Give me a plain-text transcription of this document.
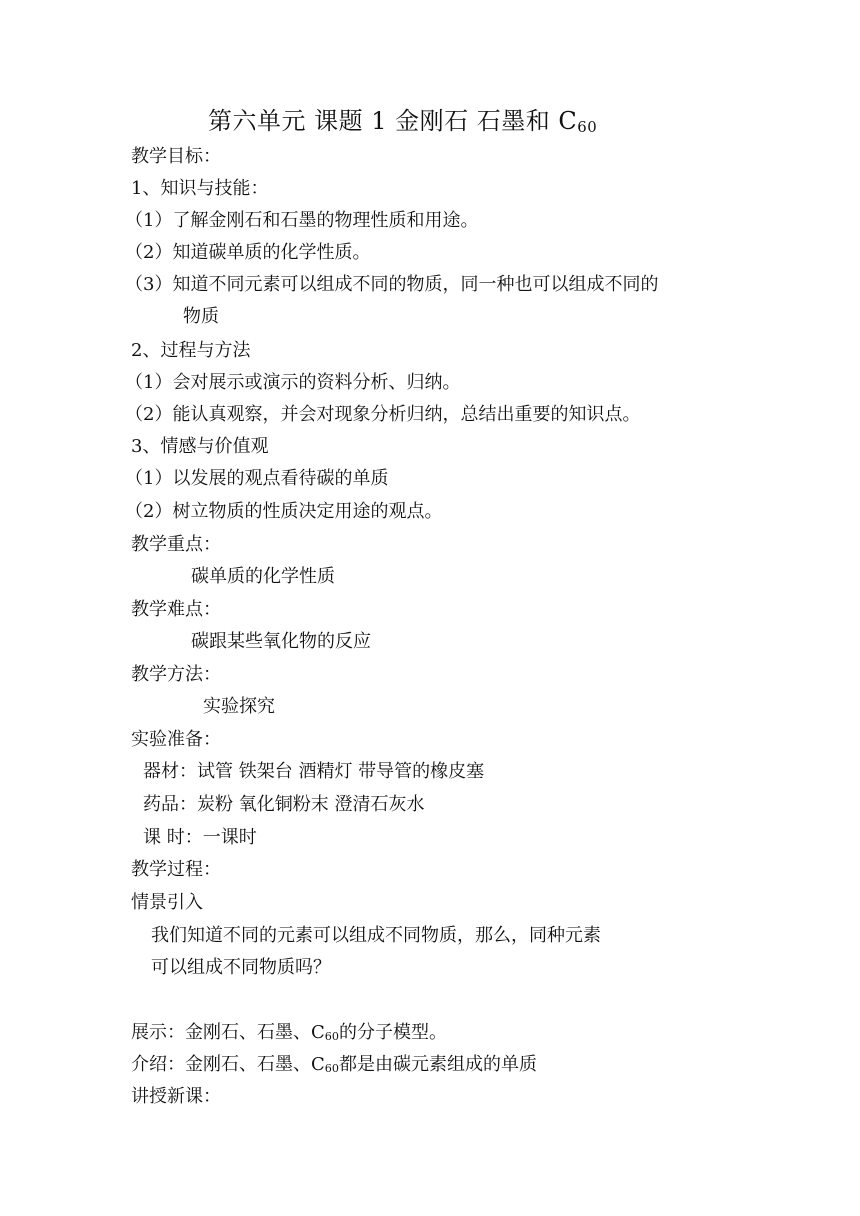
第六单元 课题 1 金刚石 石墨和 $C_{60}$
教学目标：
1、知识与技能：
（1）了解金刚石和石墨的物理性质和用途。
（2）知道碳单质的化学性质。
（3）知道不同元素可以组成不同的物质，同一种也可以组成不同的
物质
2、过程与方法
（1）会对展示或演示的资料分析、归纳。
（2）能认真观察，并会对现象分析归纳，总结出重要的知识点。
3、情感与价值观
（1）以发展的观点看待碳的单质
（2）树立物质的性质决定用途的观点。
教学重点：
碳单质的化学性质
教学难点：
碳跟某些氧化物的反应
教学方法：
实验探究
实验准备：
器材：试管 铁架台 酒精灯 带导管的橡皮塞
药品：炭粉 氧化铜粉末 澄清石灰水
课 时：一课时
教学过程：
情景引入
我们知道不同的元素可以组成不同物质，那么，同种元素
可以组成不同物质吗？
展示：金刚石、石墨、$C_{60}$的分子模型。
介绍：金刚石、石墨、$C_{60}$都是由碳元素组成的单质
讲授新课：
